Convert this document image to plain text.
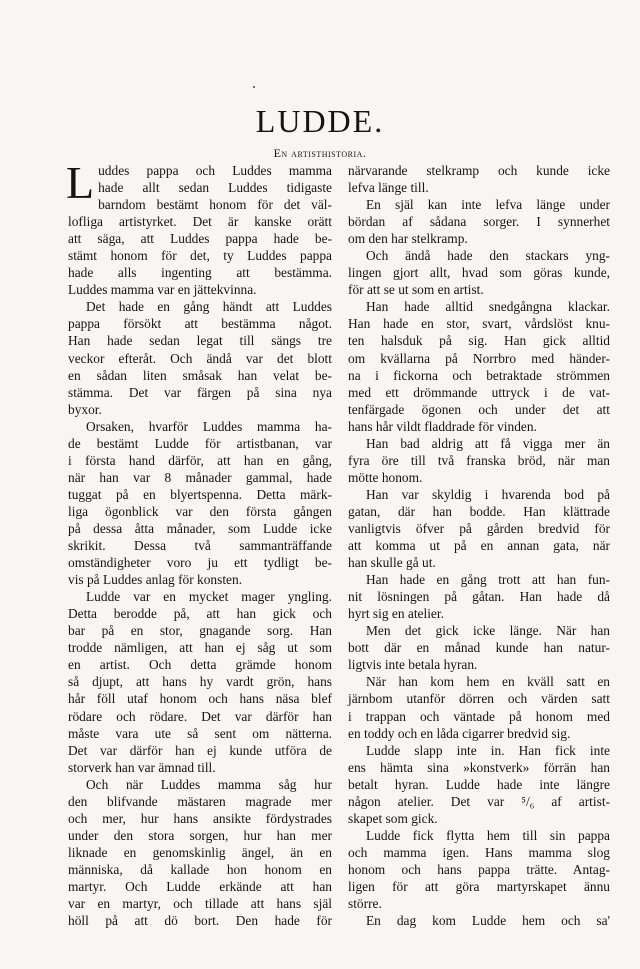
LUDDE.
En artisthistoria.
L uddes pappa och Luddes mamma
hade allt sedan Luddes tidigaste
barndom bestämt honom för det väl-
lofliga artistyrket. Det är kanske orätt
att säga, att Luddes pappa hade be-
stämt honom för det, ty Luddes pappa
hade alls ingenting att bestämma.
Luddes mamma var en jättekvinna.
Det hade en gång händt att Luddes
pappa försökt att bestämma något.
Han hade sedan legat till sängs tre
veckor efteråt. Och ändå var det blott
en sådan liten småsak han velat be-
stämma. Det var färgen på sina nya
byxor.
Orsaken, hvarför Luddes mamma ha-
de bestämt Ludde för artistbanan, var
i första hand därför, att han en gång,
när han var 8 månader gammal, hade
tuggat på en blyertspenna. Detta märk-
liga ögonblick var den första gången
på dessa åtta månader, som Ludde icke
skrikit. Dessa två sammanträffande
omständigheter voro ju ett tydligt be-
vis på Luddes anlag för konsten.
Ludde var en mycket mager yngling.
Detta berodde på, att han gick och
bar på en stor, gnagande sorg. Han
trodde nämligen, att han ej såg ut som
en artist. Och detta grämde honom
så djupt, att hans hy vardt grön, hans
hår föll utaf honom och hans näsa blef
rödare och rödare. Det var därför han
måste vara ute så sent om nätterna.
Det var därför han ej kunde utföra de
storverk han var ämnad till.
Och när Luddes mamma såg hur
den blifvande mästaren magrade mer
och mer, hur hans ansikte fördystrades
under den stora sorgen, hur han mer
liknade en genomskinlig ängel, än en
människa, då kallade hon honom en
martyr. Och Ludde erkände att han
var en martyr, och tillade att hans själ
höll på att dö bort. Den hade för
närvarande stelkramp och kunde icke
lefva länge till.
En själ kan inte lefva länge under
bördan af sådana sorger. I synnerhet
om den har stelkramp.
Och ändå hade den stackars yng-
lingen gjort allt, hvad som göras kunde,
för att se ut som en artist.
Han hade alltid snedgångna klackar.
Han hade en stor, svart, vårdslöst knu-
ten halsduk på sig. Han gick alltid
om kvällarna på Norrbro med händer-
na i fickorna och betraktade strömmen
med ett drömmande uttryck i de vat-
tenfärgade ögonen och under det att
hans hår vildt fladdrade för vinden.
Han bad aldrig att få vigga mer än
fyra öre till två franska bröd, när man
mötte honom.
Han var skyldig i hvarenda bod på
gatan, där han bodde. Han klättrade
vanligtvis öfver på gården bredvid för
att komma ut på en annan gata, när
han skulle gå ut.
Han hade en gång trott att han fun-
nit lösningen på gåtan. Han hade då
hyrt sig en atelier.
Men det gick icke länge. När han
bott där en månad kunde han natur-
ligtvis inte betala hyran.
När han kom hem en kväll satt en
järnbom utanför dörren och värden satt
i trappan och väntade på honom med
en toddy och en låda cigarrer bredvid sig.
Ludde slapp inte in. Han fick inte
ens hämta sina »konstverk» förrän han
betalt hyran. Ludde hade inte längre
någon atelier. Det var ⁵/₆ af artist-
skapet som gick.
Ludde fick flytta hem till sin pappa
och mamma igen. Hans mamma slog
honom och hans pappa trätte. Antag-
ligen för att göra martyrskapet ännu
större.
En dag kom Ludde hem och sa'
